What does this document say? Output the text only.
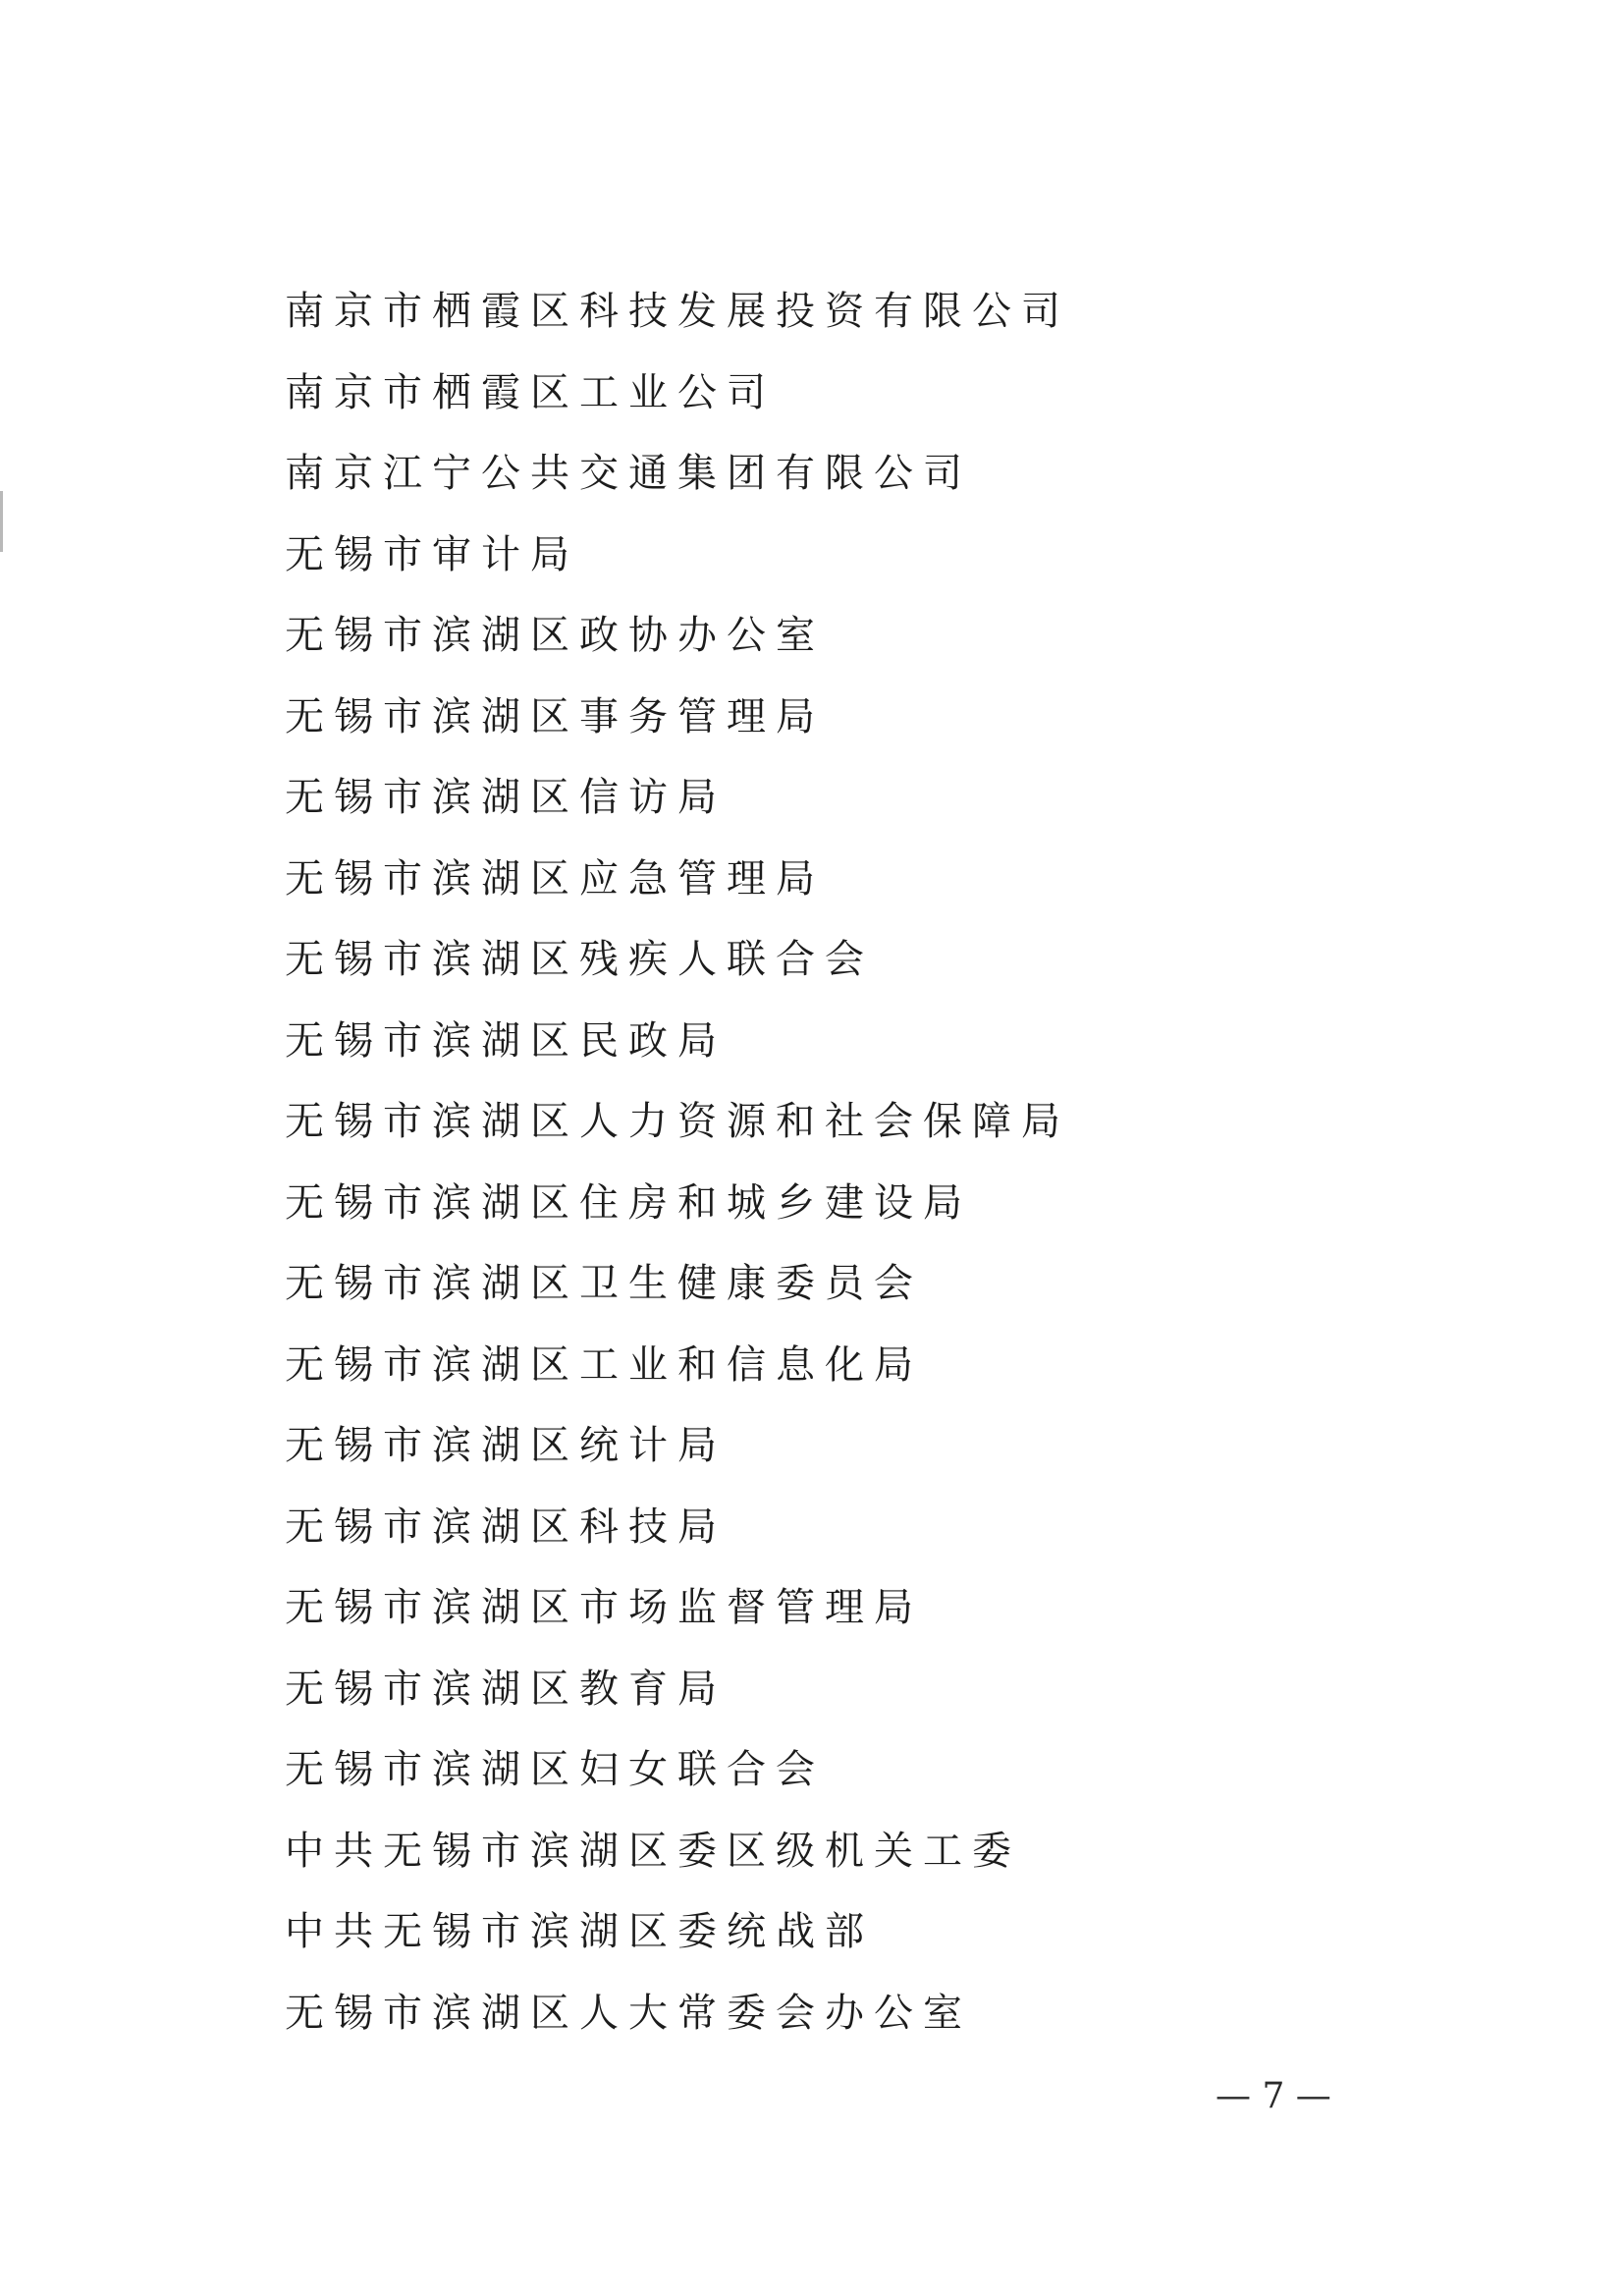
南京市栖霞区科技发展投资有限公司
南京市栖霞区工业公司
南京江宁公共交通集团有限公司
无锡市审计局
无锡市滨湖区政协办公室
无锡市滨湖区事务管理局
无锡市滨湖区信访局
无锡市滨湖区应急管理局
无锡市滨湖区残疾人联合会
无锡市滨湖区民政局
无锡市滨湖区人力资源和社会保障局
无锡市滨湖区住房和城乡建设局
无锡市滨湖区卫生健康委员会
无锡市滨湖区工业和信息化局
无锡市滨湖区统计局
无锡市滨湖区科技局
无锡市滨湖区市场监督管理局
无锡市滨湖区教育局
无锡市滨湖区妇女联合会
中共无锡市滨湖区委区级机关工委
中共无锡市滨湖区委统战部
无锡市滨湖区人大常委会办公室
— 7 —
